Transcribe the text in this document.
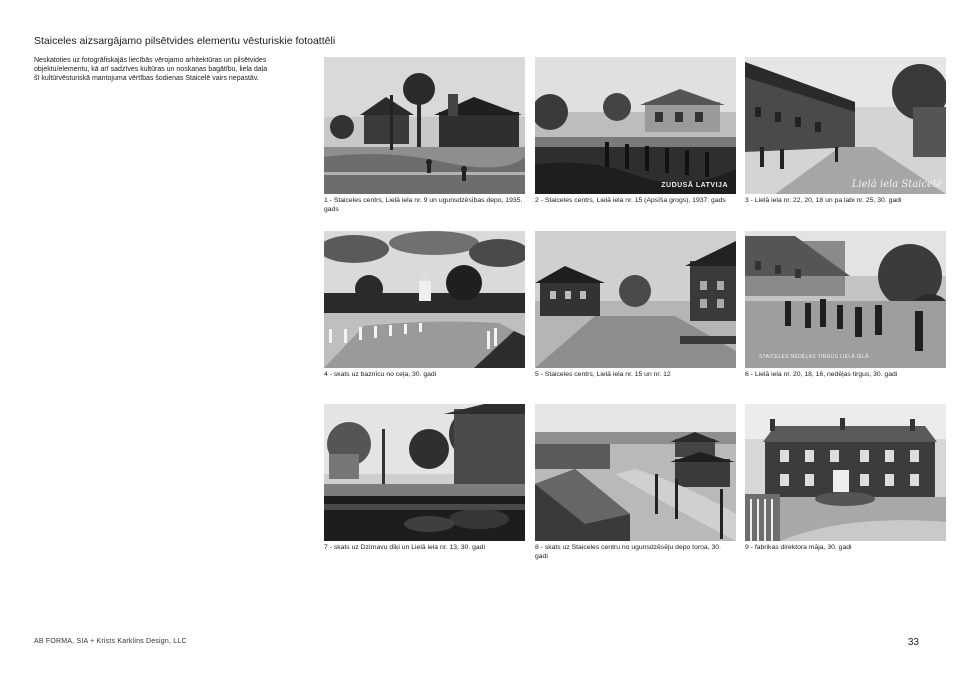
Staiceles aizsargājamo pilsētvides elementu vēsturiskie fotoattēli
Neskatoties uz fotogrāfiskajās liecībās vērojamo arhitektūras un pilsētvides objektu/elementu, kā arī sadzīves kultūras un noskaņas bagātību, liela daļa šī kultūrvēsturiskā mantojuma vērtības šodienas Staicelē vairs nepastāv.
1 - Staiceles centrs, Lielā iela nr. 9 un ugunsdzēsības depo, 1935. gads
ZUDUSĀ LATVIJA
2 - Staiceles centrs, Lielā iela nr. 15 (Apsīša grogs), 1937. gads
Lielā iela Staicelē
3 - Lielā iela nr. 22, 20, 18 un pa labi nr. 25, 30. gadi
4 - skats uz baznīcu no ceļa, 30. gadi	5 - Staiceles centrs, Lielā iela nr. 15 un nr. 12
STAICELES NEDĒĻAS TIRGUS LIELĀ IELĀ
6 - Lielā iela nr. 20, 18, 16, nedēļas tirgus, 30. gadi
7 - skats uz Dzirnavu dīķi un Lielā iela nr. 13, 30. gadi	8 - skats uz Staiceles centru no ugunsdzēsēju depo torņa, 30. gadi
9 - fabrikas direktora māja, 30. gadi
AB FORMA, SIA + Krists Karklins Design, LLC	33
